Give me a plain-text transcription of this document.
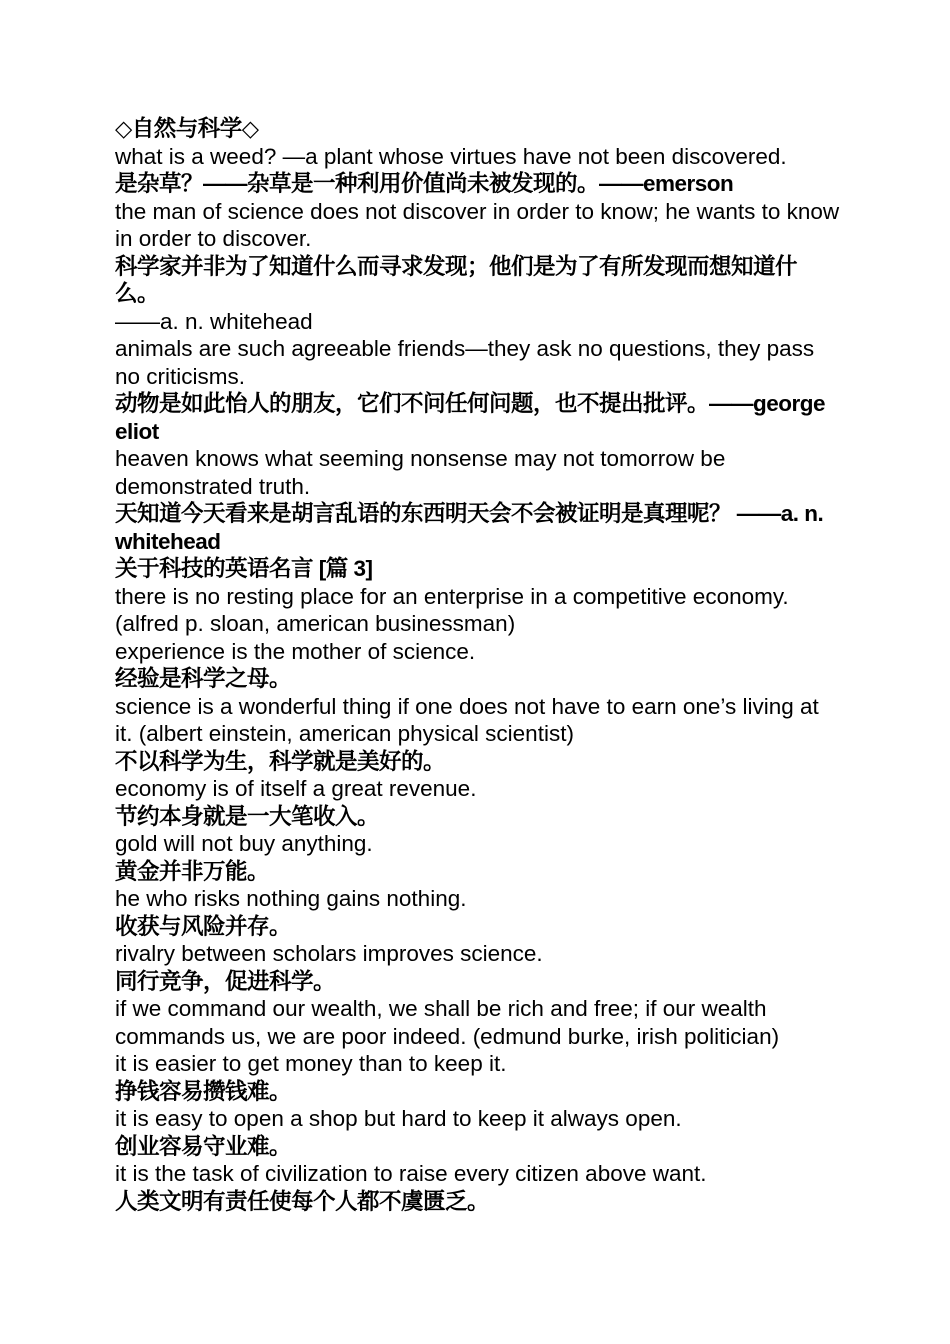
◇自然与科学◇
what is a weed? —a plant whose virtues have not been discovered.
是杂草？——杂草是一种利用价值尚未被发现的。——emerson
the man of science does not discover in order to know; he wants to know in order to discover.
科学家并非为了知道什么而寻求发现；他们是为了有所发现而想知道什么。
——a. n. whitehead
animals are such agreeable friends—they ask no questions, they pass no criticisms.
动物是如此怡人的朋友，它们不问任何问题，也不提出批评。——george eliot
heaven knows what seeming nonsense may not tomorrow be demonstrated truth.
天知道今天看来是胡言乱语的东西明天会不会被证明是真理呢？ ——a. n. whitehead
关于科技的英语名言 [篇 3]
there is no resting place for an enterprise in a competitive economy. (alfred p. sloan, american businessman)
experience is the mother of science.
经验是科学之母。
science is a wonderful thing if one does not have to earn one’s living at it. (albert einstein, american physical scientist)
不以科学为生，科学就是美好的。
economy is of itself a great revenue.
节约本身就是一大笔收入。
gold will not buy anything.
黄金并非万能。
he who risks nothing gains nothing.
收获与风险并存。
rivalry between scholars improves science.
同行竞争，促进科学。
if we command our wealth, we shall be rich and free; if our wealth commands us, we are poor indeed. (edmund burke, irish politician)
it is easier to get money than to keep it.
挣钱容易攒钱难。
it is easy to open a shop but hard to keep it always open.
创业容易守业难。
it is the task of civilization to raise every citizen above want.
人类文明有责任使每个人都不虞匮乏。
